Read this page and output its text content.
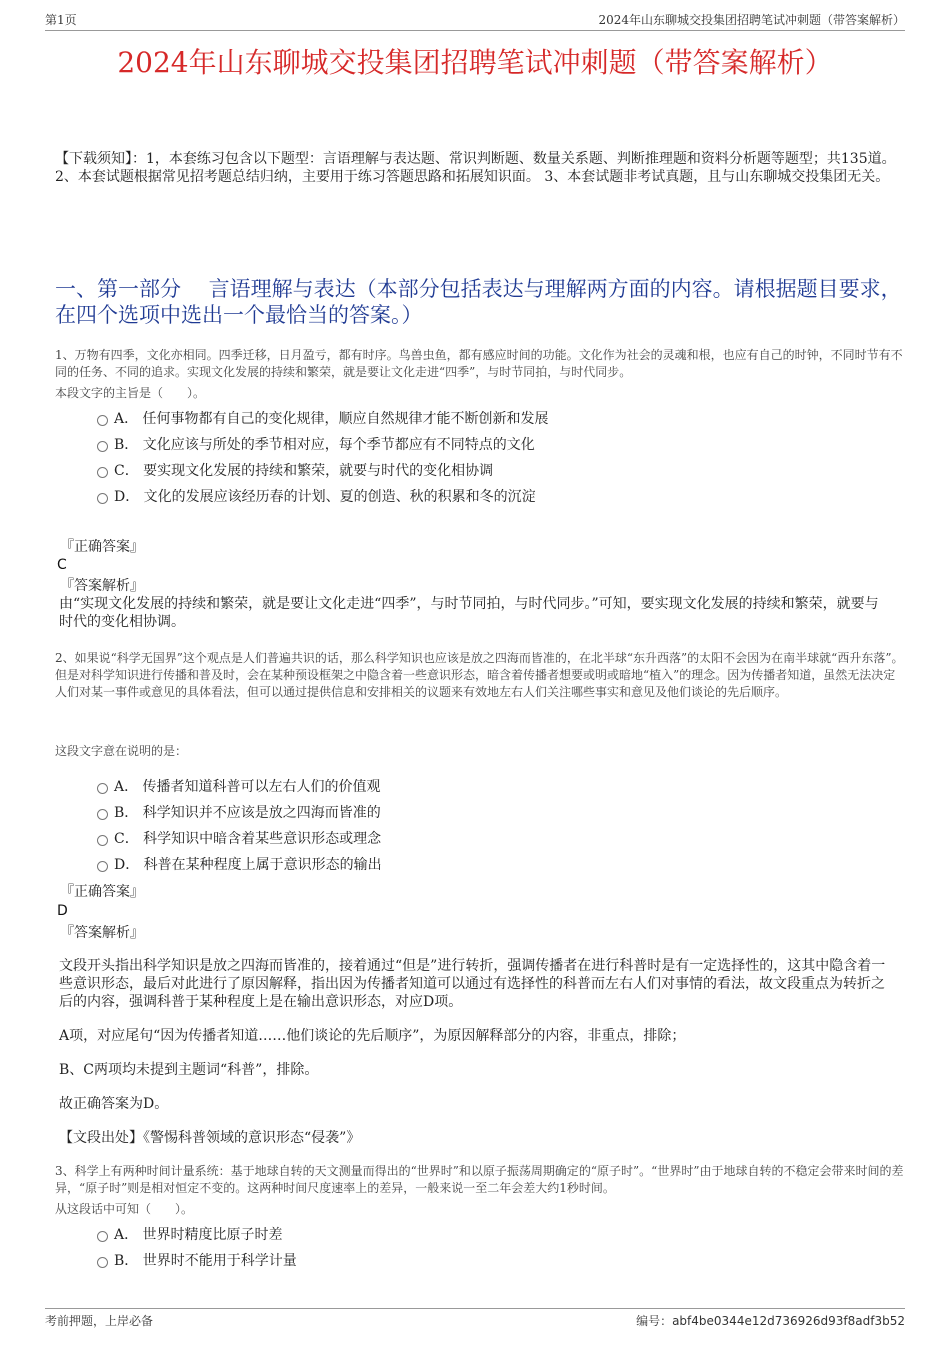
第1页	2024年山东聊城交投集团招聘笔试冲刺题（带答案解析）
2024年山东聊城交投集团招聘笔试冲刺题（带答案解析）
【下载须知】：1，本套练习包含以下题型：言语理解与表达题、常识判断题、数量关系题、判断推理题和资料分析题等题型；共135道。 2、本套试题根据常见招考题总结归纳，主要用于练习答题思路和拓展知识面。 3、本套试题非考试真题，且与山东聊城交投集团无关。
一、第一部分　 言语理解与表达（本部分包括表达与理解两方面的内容。请根据题目要求，在四个选项中选出一个最恰当的答案。）
1、万物有四季，文化亦相同。四季迁移，日月盈亏，都有时序。鸟兽虫鱼，都有感应时间的功能。文化作为社会的灵魂和根，也应有自己的时钟，不同时节有不同的任务、不同的追求。实现文化发展的持续和繁荣，就是要让文化走进“四季”，与时节同拍，与时代同步。
本段文字的主旨是（　　）。
A． 任何事物都有自己的变化规律，顺应自然规律才能不断创新和发展
B． 文化应该与所处的季节相对应，每个季节都应有不同特点的文化
C． 要实现文化发展的持续和繁荣，就要与时代的变化相协调
D． 文化的发展应该经历春的计划、夏的创造、秋的积累和冬的沉淀
『正确答案』
C
『答案解析』
由“实现文化发展的持续和繁荣，就是要让文化走进“四季”，与时节同拍，与时代同步。”可知，要实现文化发展的持续和繁荣，就要与时代的变化相协调。
2、如果说“科学无国界”这个观点是人们普遍共识的话，那么科学知识也应该是放之四海而皆准的，在北半球“东升西落”的太阳不会因为在南半球就“西升东落”。但是对科学知识进行传播和普及时，会在某种预设框架之中隐含着一些意识形态，暗含着传播者想要或明或暗地“植入”的理念。因为传播者知道，虽然无法决定人们对某一事件或意见的具体看法，但可以通过提供信息和安排相关的议题来有效地左右人们关注哪些事实和意见及他们谈论的先后顺序。
这段文字意在说明的是：
A． 传播者知道科普可以左右人们的价值观
B． 科学知识并不应该是放之四海而皆准的
C． 科学知识中暗含着某些意识形态或理念
D． 科普在某种程度上属于意识形态的输出
『正确答案』
D
『答案解析』
文段开头指出科学知识是放之四海而皆准的，接着通过“但是”进行转折，强调传播者在进行科普时是有一定选择性的，这其中隐含着一些意识形态，最后对此进行了原因解释，指出因为传播者知道可以通过有选择性的科普而左右人们对事情的看法，故文段重点为转折之后的内容，强调科普于某种程度上是在输出意识形态，对应D项。
A项，对应尾句“因为传播者知道……他们谈论的先后顺序”，为原因解释部分的内容，非重点，排除；
B、C两项均未提到主题词“科普”，排除。
故正确答案为D。
【文段出处】《警惕科普领域的意识形态“侵袭”》
3、科学上有两种时间计量系统：基于地球自转的天文测量而得出的“世界时”和以原子振荡周期确定的“原子时”。“世界时”由于地球自转的不稳定会带来时间的差异，“原子时”则是相对恒定不变的。这两种时间尺度速率上的差异，一般来说一至二年会差大约1秒时间。
从这段话中可知（　　）。
A． 世界时精度比原子时差
B． 世界时不能用于科学计量
考前押题，上岸必备	编号：abf4be0344e12d736926d93f8adf3b52
